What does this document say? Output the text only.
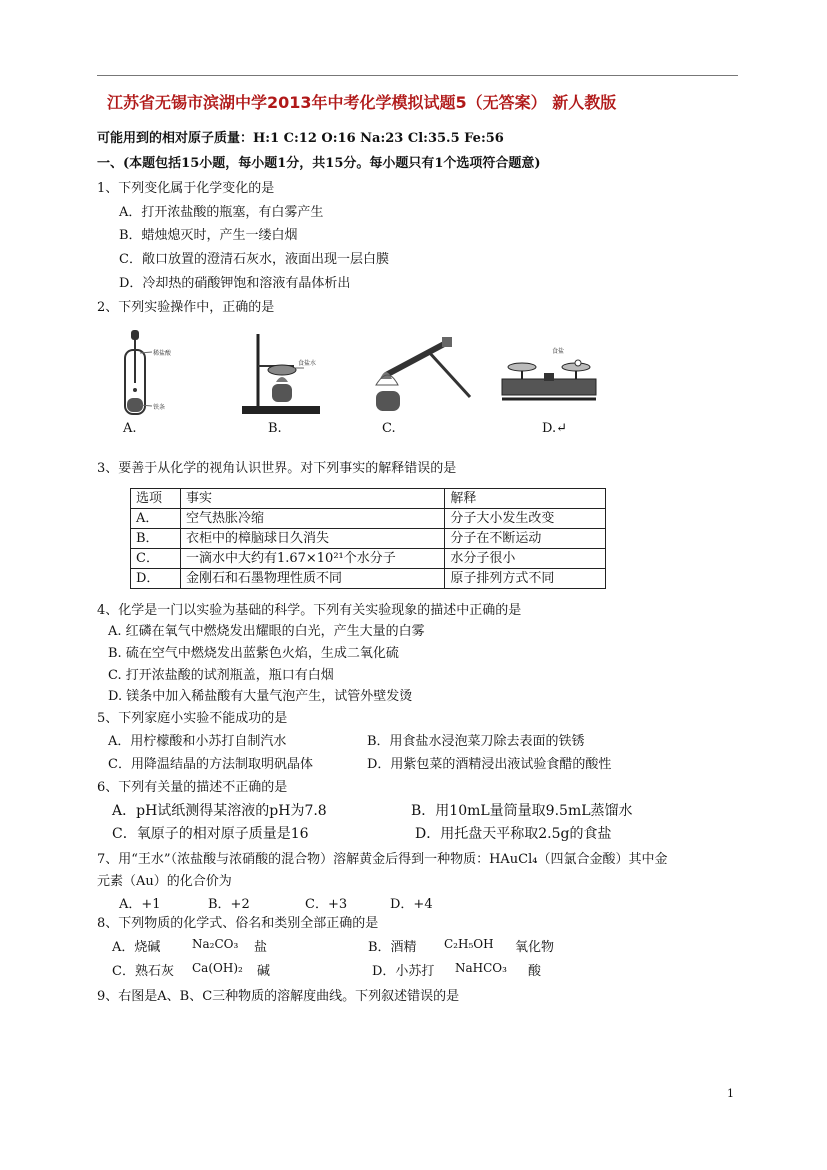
江苏省无锡市滨湖中学2013年中考化学模拟试题5（无答案） 新人教版
可能用到的相对原子质量：H:1 C:12 O:16 Na:23 Cl:35.5 Fe:56
一、(本题包括15小题，每小题1分，共15分。每小题只有1个选项符合题意)
1、下列变化属于化学变化的是
A．打开浓盐酸的瓶塞，有白雾产生
B．蜡烛熄灭时，产生一缕白烟
C．敞口放置的澄清石灰水，液面出现一层白膜
D．冷却热的硝酸钾饱和溶液有晶体析出
2、下列实验操作中，正确的是
稀盐酸
铁条
食盐水
食盐
A.	B.	C.	D.↵
3、要善于从化学的视角认识世界。对下列事实的解释错误的是
选项	事实	解释
A．	空气热胀冷缩	分子大小发生改变
B．	衣柜中的樟脑球日久消失	分子在不断运动
C．	一滴水中大约有1.67×10²¹个水分子	水分子很小
D．	金刚石和石墨物理性质不同	原子排列方式不同
4、化学是一门以实验为基础的科学。下列有关实验现象的描述中正确的是
A. 红磷在氧气中燃烧发出耀眼的白光，产生大量的白雾
B. 硫在空气中燃烧发出蓝紫色火焰，生成二氧化硫
C. 打开浓盐酸的试剂瓶盖，瓶口有白烟
D. 镁条中加入稀盐酸有大量气泡产生，试管外壁发烫
5、下列家庭小实验不能成功的是
A．用柠檬酸和小苏打自制汽水	B．用食盐水浸泡菜刀除去表面的铁锈
C．用降温结晶的方法制取明矾晶体	D．用紫包菜的酒精浸出液试验食醋的酸性
6、下列有关量的描述不正确的是
A．pH试纸测得某溶液的pH为7.8	B．用10mL量筒量取9.5mL蒸馏水
C．氧原子的相对原子质量是16	D．用托盘天平称取2.5g的食盐
7、用“王水”（浓盐酸与浓硝酸的混合物）溶解黄金后得到一种物质：HAuCl₄（四氯合金酸）其中金
元素（Au）的化合价为
A．+1	B．+2	C．+3	D．+4
8、下列物质的化学式、俗名和类别全部正确的是
A．烧碱	Na₂CO₃ 盐	B．酒精 C₂H₅OH 氧化物
C．熟石灰 Ca(OH)₂ 碱	D．小苏打 NaHCO₃ 酸
9、右图是A、B、C三种物质的溶解度曲线。下列叙述错误的是
1
